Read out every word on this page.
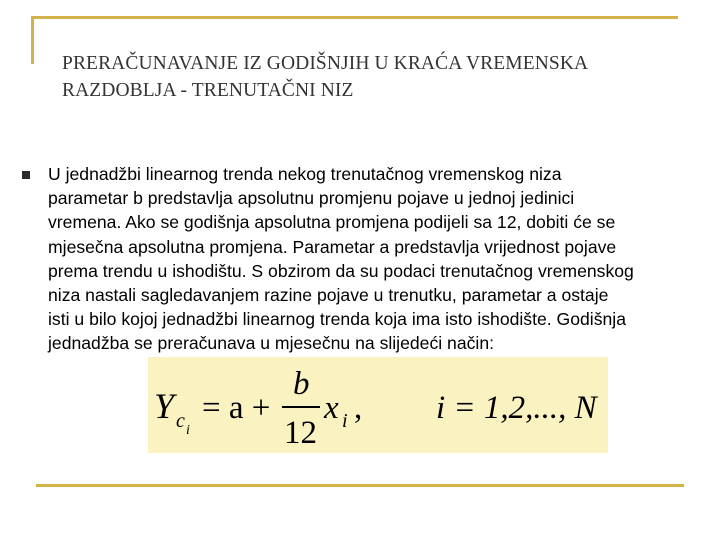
PRERAČUNAVANJE IZ GODIŠNJIH U KRAĆA VREMENSKA
RAZDOBLJA - TRENUTAČNI NIZ
U jednadžbi linearnog trenda nekog trenutačnog vremenskog niza
parametar b predstavlja apsolutnu promjenu pojave u jednoj jedinici
vremena. Ako se godišnja apsolutna promjena podijeli sa 12, dobiti će se
mjesečna apsolutna promjena. Parametar a predstavlja vrijednost pojave
prema trendu u ishodištu. S obzirom da su podaci trenutačnog vremenskog
niza nastali sagledavanjem razine pojave u trenutku, parametar a ostaje
isti u bilo kojoj jednadžbi linearnog trenda koja ima isto ishodište. Godišnja
jednadžba se preračunava u mjesečnu na slijedeći način:
Y c i
= a +
b
12
x i , i = 1,2,..., N
